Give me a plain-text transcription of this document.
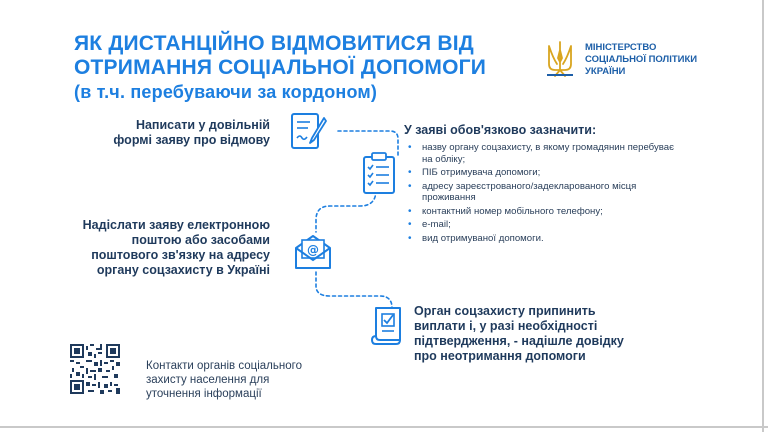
ЯК ДИСТАНЦІЙНО ВІДМОВИТИСЯ ВІД
ОТРИМАННЯ СОЦІАЛЬНОЇ ДОПОМОГИ
(в т.ч. перебуваючи за кордоном)
МІНІСТЕРСТВО
СОЦІАЛЬНОЇ ПОЛІТИКИ
УКРАЇНИ
Написати у довільній
формі заяву про відмову
У заяві обов'язково зазначити:
• назву органу соцзахисту, в якому громадянин перебуває на обліку;
• ПІБ отримувача допомоги;
• адресу зареєстрованого/задекларованого місця проживання
• контактний номер мобільного телефону;
• e-mail;
• вид отримуваної допомоги.
Надіслати заяву електронною
поштою або засобами
поштового зв'язку на адресу
органу соцзахисту в Україні
@
Орган соцзахисту припинить
виплати і, у разі необхідності
підтвердження, - надішле довідку
про неотримання допомоги
Контакти органів соціального
захисту населення для
уточнення інформації
